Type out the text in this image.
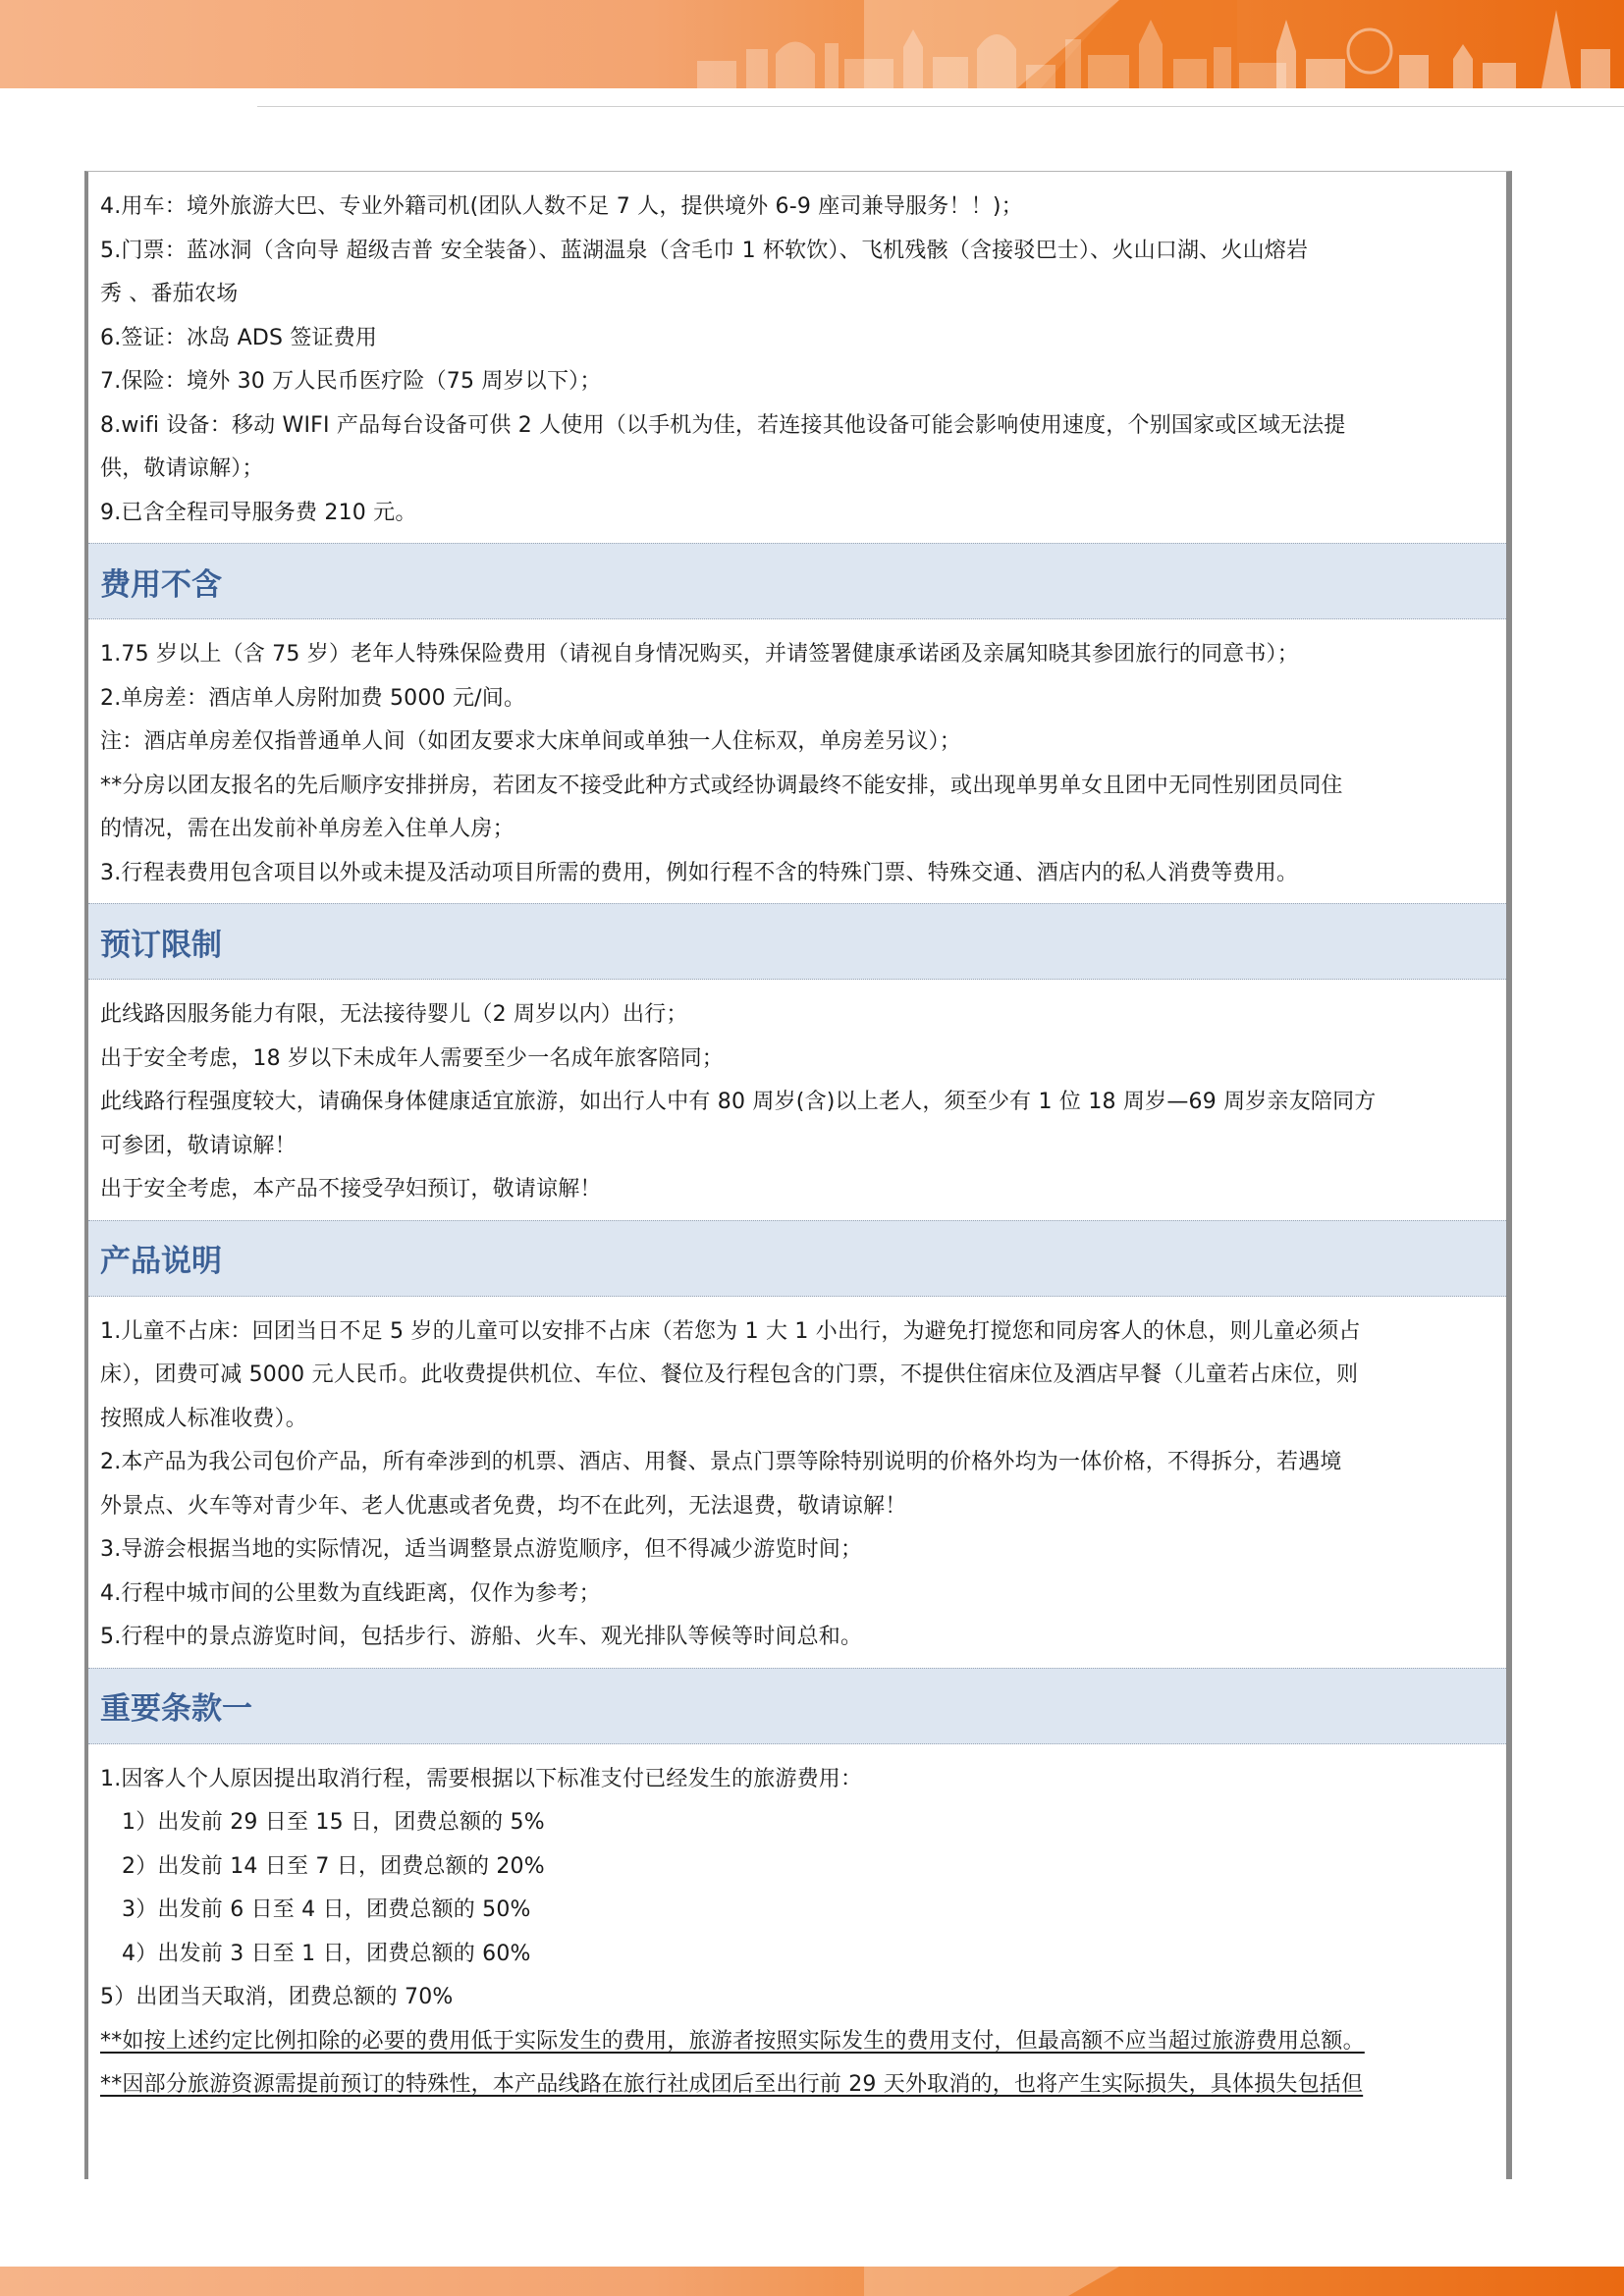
4.用车：境外旅游大巴、专业外籍司机(团队人数不足 7 人，提供境外 6-9 座司兼导服务！！)；
5.门票：蓝冰洞（含向导 超级吉普 安全装备）、蓝湖温泉（含毛巾 1 杯软饮）、飞机残骸（含接驳巴士）、火山口湖、火山熔岩
秀 、番茄农场
6.签证：冰岛 ADS 签证费用
7.保险：境外 30 万人民币医疗险（75 周岁以下）；
8.wifi 设备：移动 WIFI 产品每台设备可供 2 人使用（以手机为佳，若连接其他设备可能会影响使用速度，个别国家或区域无法提
供，敬请谅解）；
9.已含全程司导服务费 210 元。
费用不含
1.75 岁以上（含 75 岁）老年人特殊保险费用（请视自身情况购买，并请签署健康承诺函及亲属知晓其参团旅行的同意书）；
2.单房差：酒店单人房附加费 5000 元/间。
注：酒店单房差仅指普通单人间（如团友要求大床单间或单独一人住标双，单房差另议）；
**分房以团友报名的先后顺序安排拼房，若团友不接受此种方式或经协调最终不能安排，或出现单男单女且团中无同性别团员同住
的情况，需在出发前补单房差入住单人房；
3.行程表费用包含项目以外或未提及活动项目所需的费用，例如行程不含的特殊门票、特殊交通、酒店内的私人消费等费用。
预订限制
此线路因服务能力有限，无法接待婴儿（2 周岁以内）出行；
出于安全考虑，18 岁以下未成年人需要至少一名成年旅客陪同；
此线路行程强度较大，请确保身体健康适宜旅游，如出行人中有 80 周岁(含)以上老人，须至少有 1 位 18 周岁—69 周岁亲友陪同方
可参团，敬请谅解！
出于安全考虑，本产品不接受孕妇预订，敬请谅解！
产品说明
1.儿童不占床：回团当日不足 5 岁的儿童可以安排不占床（若您为 1 大 1 小出行，为避免打搅您和同房客人的休息，则儿童必须占
床），团费可减 5000 元人民币。此收费提供机位、车位、餐位及行程包含的门票，不提供住宿床位及酒店早餐（儿童若占床位，则
按照成人标准收费）。
2.本产品为我公司包价产品，所有牵涉到的机票、酒店、用餐、景点门票等除特别说明的价格外均为一体价格，不得拆分，若遇境
外景点、火车等对青少年、老人优惠或者免费，均不在此列，无法退费，敬请谅解！
3.导游会根据当地的实际情况，适当调整景点游览顺序，但不得减少游览时间；
4.行程中城市间的公里数为直线距离，仅作为参考；
5.行程中的景点游览时间，包括步行、游船、火车、观光排队等候等时间总和。
重要条款一
1.因客人个人原因提出取消行程，需要根据以下标准支付已经发生的旅游费用：
1）出发前 29 日至 15 日，团费总额的 5%
2）出发前 14 日至 7 日，团费总额的 20%
3）出发前 6 日至 4 日，团费总额的 50%
4）出发前 3 日至 1 日，团费总额的 60%
5）出团当天取消，团费总额的 70%
**如按上述约定比例扣除的必要的费用低于实际发生的费用，旅游者按照实际发生的费用支付，但最高额不应当超过旅游费用总额。
**因部分旅游资源需提前预订的特殊性，本产品线路在旅行社成团后至出行前 29 天外取消的，也将产生实际损失，具体损失包括但
